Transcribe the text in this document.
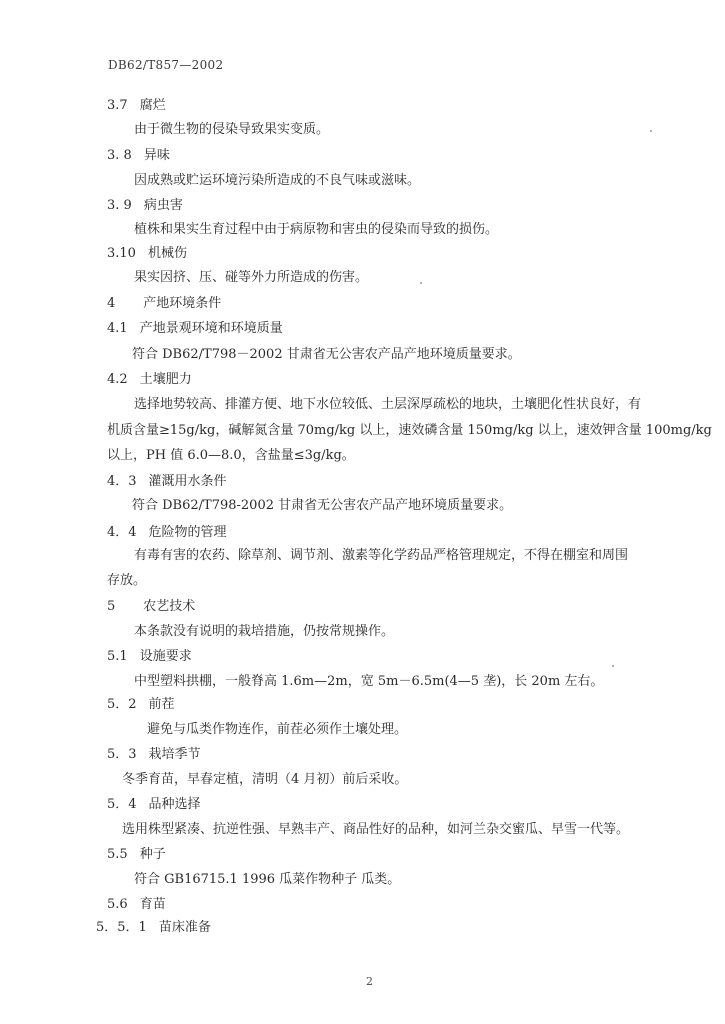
DB62/T857—2002
3.7 腐烂
由于微生物的侵染导致果实变质。
3. 8 异味
因成熟或贮运环境污染所造成的不良气味或滋味。
3. 9 病虫害
植株和果实生育过程中由于病原物和害虫的侵染而导致的损伤。
3.10 机械伤
果实因挤、压、碰等外力所造成的伤害。
4 产地环境条件
4.1 产地景观环境和环境质量
符合 DB62/T798－2002 甘肃省无公害农产品产地环境质量要求。
4.2 土壤肥力
选择地势较高、排灌方便、地下水位较低、土层深厚疏松的地块，土壤肥化性状良好，有
机质含量≥15g/kg，碱解氮含量 70mg/kg 以上，速效磷含量 150mg/kg 以上，速效钾含量 100mg/kg
以上，PH 值 6.0—8.0，含盐量≤3g/kg。
4．3 灌溉用水条件
符合 DB62/T798-2002 甘肃省无公害农产品产地环境质量要求。
4．4 危险物的管理
有毒有害的农药、除草剂、调节剂、激素等化学药品严格管理规定，不得在棚室和周围
存放。
5 农艺技术
本条款没有说明的栽培措施，仍按常规操作。
5.1 设施要求
中型塑料拱棚，一般脊高 1.6m—2m，宽 5m－6.5m(4—5 垄)，长 20m 左右。
5．2 前茬
避免与瓜类作物连作，前茬必须作土壤处理。
5．3 栽培季节
冬季育苗，早春定植，清明（4 月初）前后采收。
5．4 品种选择
选用株型紧凑、抗逆性强、早熟丰产、商品性好的品种，如河兰杂交蜜瓜、早雪一代等。
5.5 种子
符合 GB16715.1 1996 瓜菜作物种子 瓜类。
5.6 育苗
5．5．1 苗床准备
2
